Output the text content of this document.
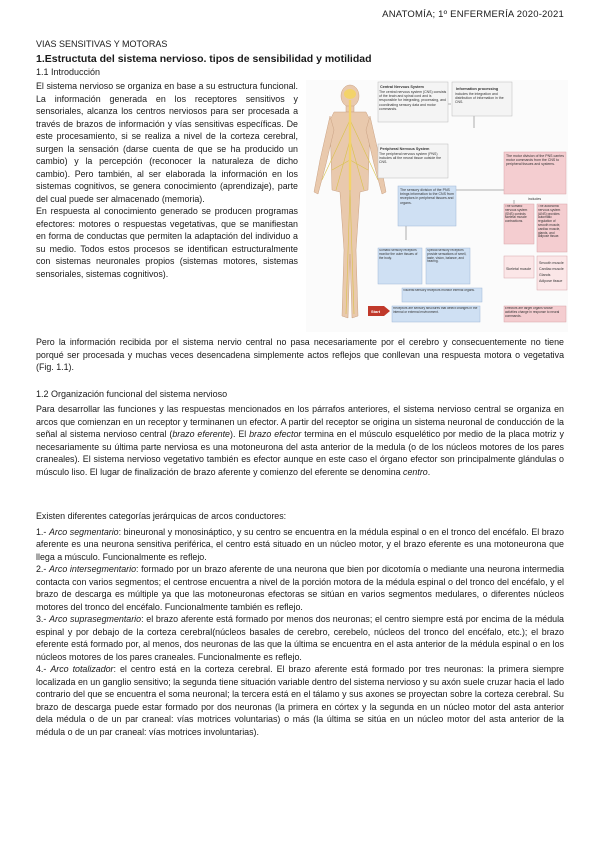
ANATOMÍA; 1º ENFERMERÍA 2020-2021
VIAS SENSITIVAS Y MOTORAS
1.Estructuta del sistema nervioso. tipos de sensibilidad y motilidad
1.1 Introducción

El sistema nervioso se organiza en base a su estructura funcional. La información generada en los receptores sensitivos y sensoriales, alcanza los centros nerviosos para ser procesada a través de brazos de información y vías sensitivas específicas. De este procesamiento, si se realiza a nivel de la corteza cerebral, surgen la sensación (darse cuenta de que se ha producido un cambio) y la percepción (reconocer la naturaleza de dicho cambio). Pero también, al ser elaborada la información en los sistemas cognitivos, se genera conocimiento (aprendizaje), parte del cual puede ser almacenado (memoria).

En respuesta al conocimiento generado se producen programas efectores: motores o respuestas vegetativas, que se manifiestan en forma de conductas que permiten la adaptación del individuo a su medio. Todos estos procesos se identifican estructuralmente con sistemas neuronales propios (sistemas motores, sistemas sensoriales, sistemas cognitivos).

Central Nervous System
The central nervous system (CNS) consists of the brain and spinal cord and is responsible for integrating, processing, and coordinating sensory data and motor commands.
Information processing
includes the integration and distribution of information in the CNS.
Peripheral Nervous System
The peripheral nervous system (PNS) includes all the neural tissue outside the CNS.
The sensory division of the PNS brings information to the CNS from receptors in peripheral tissues and organs.
The motor division of the PNS carries motor commands from the CNS to peripheral tissues and systems.
includes
The somatic nervous system (SNS) controls skeletal muscle contractions.
The autonomic nervous system (ANS) provides automatic regulation of smooth muscle, cardiac muscle, glands, and adipose tissue.
Somatic sensory receptors monitor the outer tissues of the body.
Special sensory receptors provide sensations of smell, taste, vision, balance, and hearing.
Visceral sensory receptors monitor internal organs.
Skeletal muscle
Smooth muscle
Cardiac muscle
Glands
Adipose tissue
Start
Receptors are sensory structures that detect changes in the internal or external environment.
Effectors are target organs whose activities change in response to neural commands.

Pero la información recibida por el sistema nervio central no pasa necesariamente por el cerebro y consecuentemente no tiene porqué ser procesada y muchas veces desencadena simplemente actos reflejos que conllevan una respuesta motora o vegetativa (Fig. 1.1).

1.2 Organización funcional del sistema nervioso

Para desarrollar las funciones y las respuestas mencionados en los párrafos anteriores, el sistema nervioso central se organiza en arcos que comienzan en un receptor y terminanen un efector. A partir del receptor se origina un sistema neuronal de conducción de la señal al sistema nervioso central (brazo eferente). El brazo efector termina en el músculo esquelético por medio de la placa motriz y necesariamente su última parte nerviosa es una motoneurona del asta anterior de la medula (o de los núcleos motores de los pares craneales). El sistema nervioso vegetativo también es efector aunque en este caso el órgano efector son principalmente glándulas o músculo liso. El lugar de finalización de brazo aferente y comienzo del eferente se denomina centro.

Existen diferentes categorías jerárquicas de arcos conductores:

1.- Arco segmentario: bineuronal y monosináptico, y su centro se encuentra en la médula espinal o en el tronco del encéfalo. El brazo aferente es una neurona sensitiva periférica, el centro está situado en un núcleo motor, y el brazo eferente es una motoneurona que llega a músculo. Funcionalmente es reflejo.

2.- Arco intersegmentario: formado por un brazo aferente de una neurona que bien por dicotomía o mediante una neurona intermedia contacta con varios segmentos; el centrose encuentra a nivel de la porción motora de la médula espinal o del tronco del encéfalo, y el brazo de descarga es múltiple ya que las motoneuronas efectoras se sitúan en varios segmentos medulares, o diferentes núcleos motores del tronco del encéfalo. Funcionalmente también es reflejo.

3.- Arco suprasegmentario: el brazo aferente está formado por menos dos neuronas; el centro siempre está por encima de la médula espinal y por debajo de la corteza cerebral(núcleos basales de cerebro, cerebelo, núcleos del tronco del encéfalo, etc.); el brazo eferente está formado por, al menos, dos neuronas de las que la última se encuentra en el asta anterior de la médula espinal o en los núcleos motores de los pares craneales. Funcionalmente es reflejo.

4.- Arco totalizador: el centro está en la corteza cerebral. El brazo aferente está formado por tres neuronas: la primera siempre localizada en un ganglio sensitivo; la segunda tiene situación variable dentro del sistema nervioso y su axón suele cruzar hacia el lado contrario del que se encuentra el soma neuronal; la tercera está en el tálamo y sus axones se proyectan sobre la corteza cerebral. Su brazo de descarga puede estar formado por dos neuronas (la primera en córtex y la segunda en un núcleo motor del asta anterior dela médula o de un par craneal: vías motrices voluntarias) o más (la última se sitúa en un núcleo motor del asta anterior de la médula o de un par craneal: vías motrices involuntarias).
